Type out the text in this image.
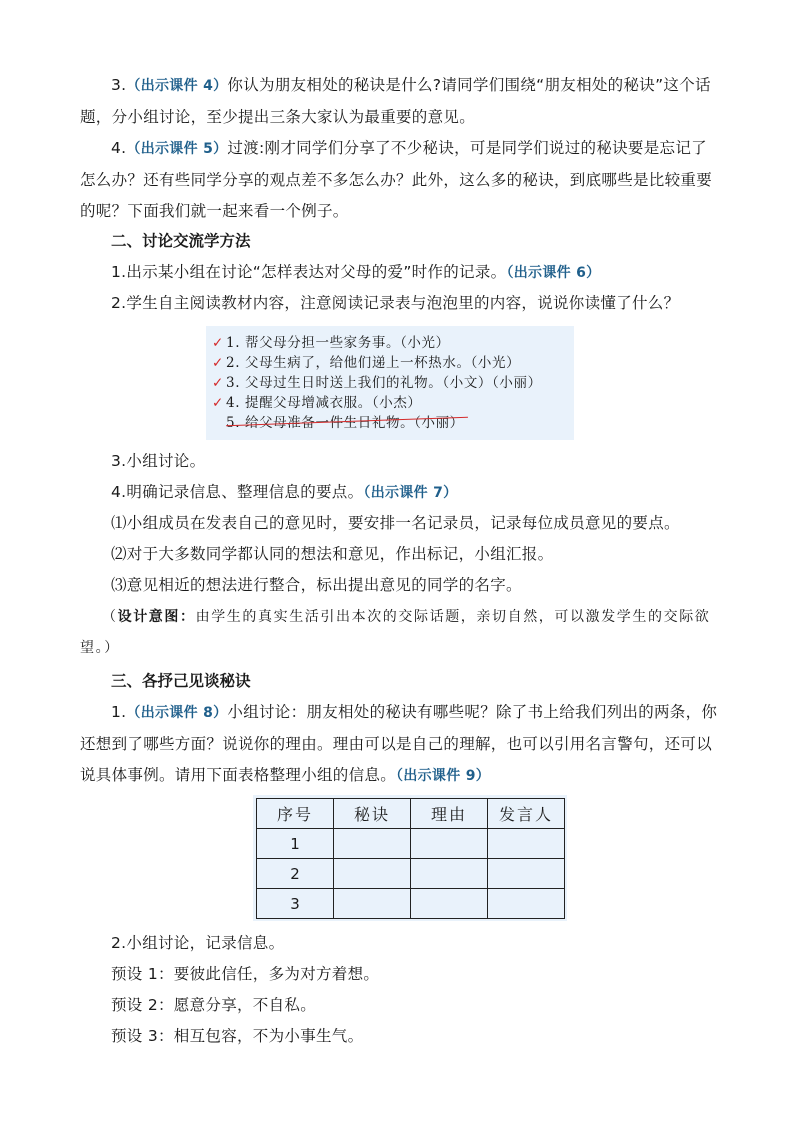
3.（出示课件 4）你认为朋友相处的秘诀是什么?请同学们围绕“朋友相处的秘诀”这个话题，分小组讨论，至少提出三条大家认为最重要的意见。

4.（出示课件 5）过渡:刚才同学们分享了不少秘诀，可是同学们说过的秘诀要是忘记了怎么办？还有些同学分享的观点差不多怎么办？此外，这么多的秘诀，到底哪些是比较重要的呢？下面我们就一起来看一个例子。

二、讨论交流学方法

1.出示某小组在讨论“怎样表达对父母的爱”时作的记录。（出示课件 6）

2.学生自主阅读教材内容，注意阅读记录表与泡泡里的内容，说说你读懂了什么？

✓ 1. 帮父母分担一些家务事。（小光）
✓ 2. 父母生病了，给他们递上一杯热水。（小光）
✓ 3. 父母过生日时送上我们的礼物。（小文）（小丽）
✓ 4. 提醒父母增减衣服。（小杰）
5. 给父母准备一件生日礼物。（小丽）

3.小组讨论。

4.明确记录信息、整理信息的要点。（出示课件 7）

⑴小组成员在发表自己的意见时，要安排一名记录员，记录每位成员意见的要点。

⑵对于大多数同学都认同的想法和意见，作出标记，小组汇报。

⑶意见相近的想法进行整合，标出提出意见的同学的名字。

（设计意图：由学生的真实生活引出本次的交际话题，亲切自然，可以激发学生的交际欲望。）

三、各抒己见谈秘诀

1.（出示课件 8）小组讨论：朋友相处的秘诀有哪些呢？除了书上给我们列出的两条，你还想到了哪些方面？说说你的理由。理由可以是自己的理解，也可以引用名言警句，还可以说具体事例。请用下面表格整理小组的信息。（出示课件 9）

序号	秘诀	理由	发言人
1			
2			
3			

2.小组讨论，记录信息。

预设 1：要彼此信任，多为对方着想。

预设 2：愿意分享，不自私。

预设 3：相互包容，不为小事生气。
